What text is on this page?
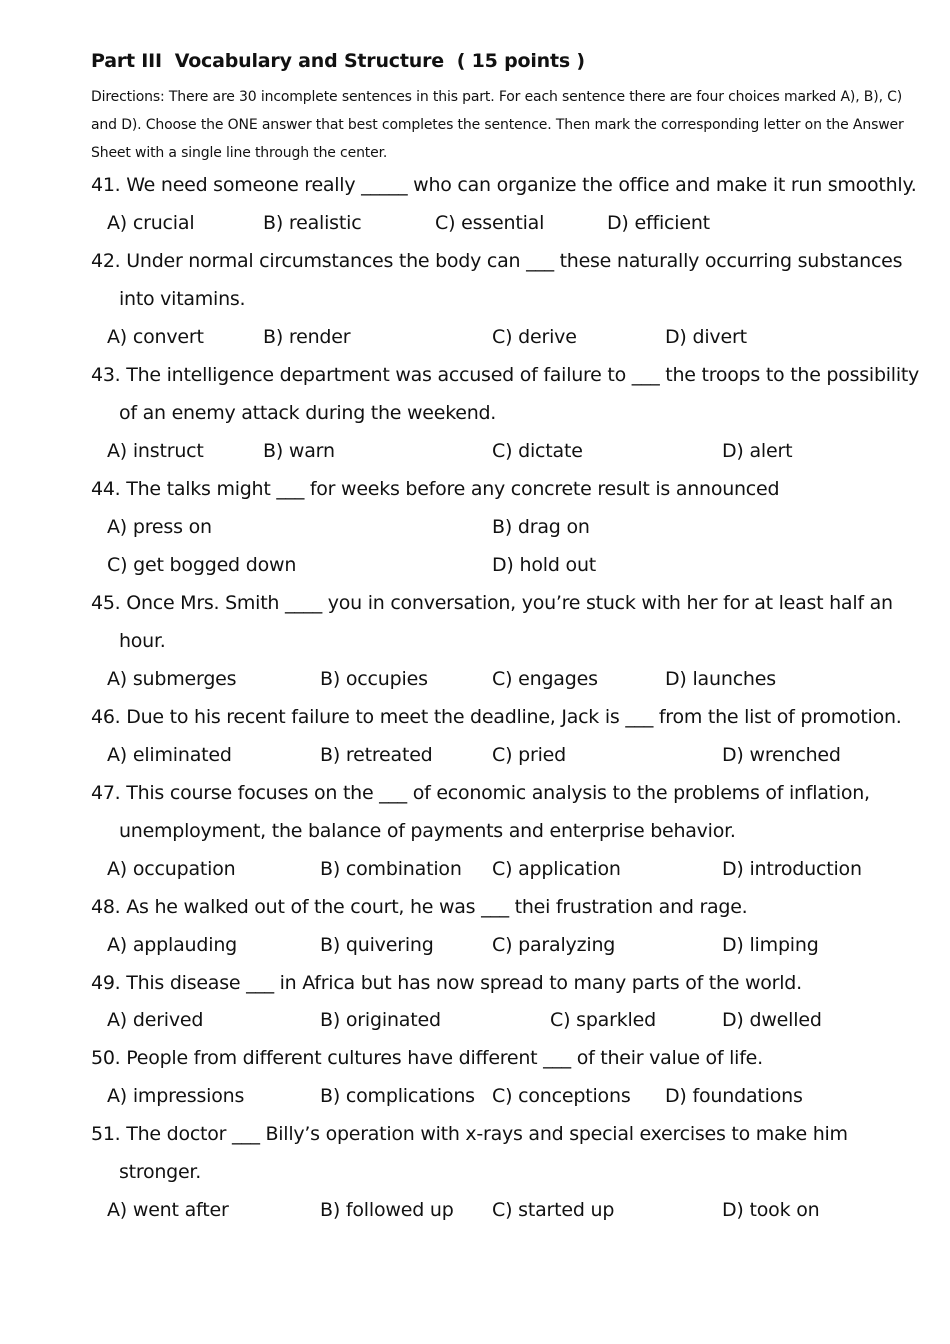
Part III  Vocabulary and Structure  ( 15 points )
Directions: There are 30 incomplete sentences in this part. For each sentence there are four choices marked A), B), C)
and D). Choose the ONE answer that best completes the sentence. Then mark the corresponding letter on the Answer
Sheet with a single line through the center.
41. We need someone really _____ who can organize the office and make it run smoothly.
A) crucial	B) realistic	C) essential	D) efficient
42. Under normal circumstances the body can ___ these naturally occurring substances
into vitamins.
A) convert	B) render	C) derive	D) divert
43. The intelligence department was accused of failure to ___ the troops to the possibility
of an enemy attack during the weekend.
A) instruct	B) warn	C) dictate	D) alert
44. The talks might ___ for weeks before any concrete result is announced
A) press on	B) drag on
C) get bogged down	D) hold out
45. Once Mrs. Smith ____ you in conversation, you’re stuck with her for at least half an
hour.
A) submerges	B) occupies	C) engages	D) launches
46. Due to his recent failure to meet the deadline, Jack is ___ from the list of promotion.
A) eliminated	B) retreated	C) pried	D) wrenched
47. This course focuses on the ___ of economic analysis to the problems of inflation,
unemployment, the balance of payments and enterprise behavior.
A) occupation	B) combination C) application	D) introduction
48. As he walked out of the court, he was ___ thei frustration and rage.
A) applauding	B) quivering	C) paralyzing	D) limping
49. This disease ___ in Africa but has now spread to many parts of the world.
A) derived	B) originated	C) sparkled	D) dwelled
50. People from different cultures have different ___ of their value of life.
A) impressions	B) complications C) conceptions D) foundations
51. The doctor ___ Billy’s operation with x-rays and special exercises to make him
stronger.
A) went after	B) followed up C) started up	D) took on
